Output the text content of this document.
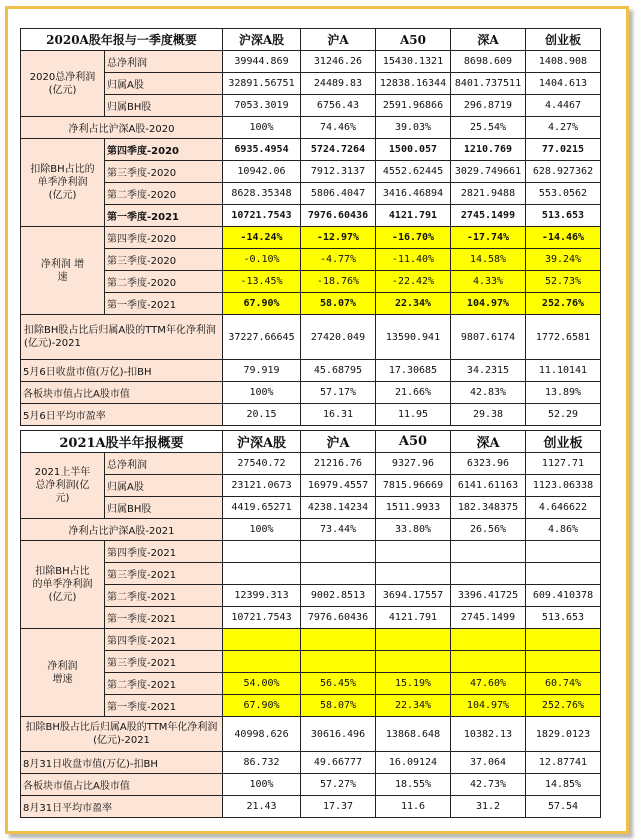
2020A股年报与一季度概要		沪深A股	沪A	A50	深A	创业板
2020总净利润
(亿元)	总净利润	39944.869	31246.26	15430.1321	8698.609	1408.908
	归属A股	32891.56751	24489.83	12838.16344	8401.737511	1404.613
	归属BH股	7053.3019	6756.43	2591.96866	296.8719	4.4467
净利占比沪深A股-2020		100%	74.46%	39.03%	25.54%	4.27%
扣除BH占比的
单季净利润
(亿元)	第四季度-2020	6935.4954	5724.7264	1500.057	1210.769	77.0215
	第三季度-2020	10942.06	7912.3137	4552.62445	3029.749661	628.927362
	第二季度-2020	8628.35348	5806.4047	3416.46894	2821.9488	553.0562
	第一季度-2021	10721.7543	7976.60436	4121.791	2745.1499	513.653
净利润 增
速	第四季度-2020	-14.24%	-12.97%	-16.70%	-17.74%	-14.46%
	第三季度-2020	-0.10%	-4.77%	-11.40%	14.58%	39.24%
	第二季度-2020	-13.45%	-18.76%	-22.42%	4.33%	52.73%
	第一季度-2021	67.90%	58.07%	22.34%	104.97%	252.76%
扣除BH股占比后归属A股的TTM年化净利润(亿元)-2021		37227.66645	27420.049	13590.941	9807.6174	1772.6581
5月6日收盘市值(万亿)-扣BH		79.919	45.68795	17.30685	34.2315	11.10141
各板块市值占比A股市值		100%	57.17%	21.66%	42.83%	13.89%
5月6日平均市盈率		20.15	16.31	11.95	29.38	52.29
2021A股半年报概要		沪深A股	沪A	A50	深A	创业板
2021上半年
总净利润(亿
元)	总净利润	27540.72	21216.76	9327.96	6323.96	1127.71
	归属A股	23121.0673	16979.4557	7815.96669	6141.61163	1123.06338
	归属BH股	4419.65271	4238.14234	1511.9933	182.348375	4.646622
净利占比沪深A股-2021		100%	73.44%	33.80%	26.56%	4.86%
扣除BH占比
的单季净利润
(亿元)	第四季度-2021					
	第三季度-2021					
	第二季度-2021	12399.313	9002.8513	3694.17557	3396.41725	609.410378
	第一季度-2021	10721.7543	7976.60436	4121.791	2745.1499	513.653
净利润
增速	第四季度-2021					
	第三季度-2021					
	第二季度-2021	54.00%	56.45%	15.19%	47.60%	60.74%
	第一季度-2021	67.90%	58.07%	22.34%	104.97%	252.76%
扣除BH股占比后归属A股的TTM年化净利润(亿元)-2021		40998.626	30616.496	13868.648	10382.13	1829.0123
8月31日收盘市值(万亿)-扣BH		86.732	49.66777	16.09124	37.064	12.87741
各板块市值占比A股市值		100%	57.27%	18.55%	42.73%	14.85%
8月31日平均市盈率		21.43	17.37	11.6	31.2	57.54
